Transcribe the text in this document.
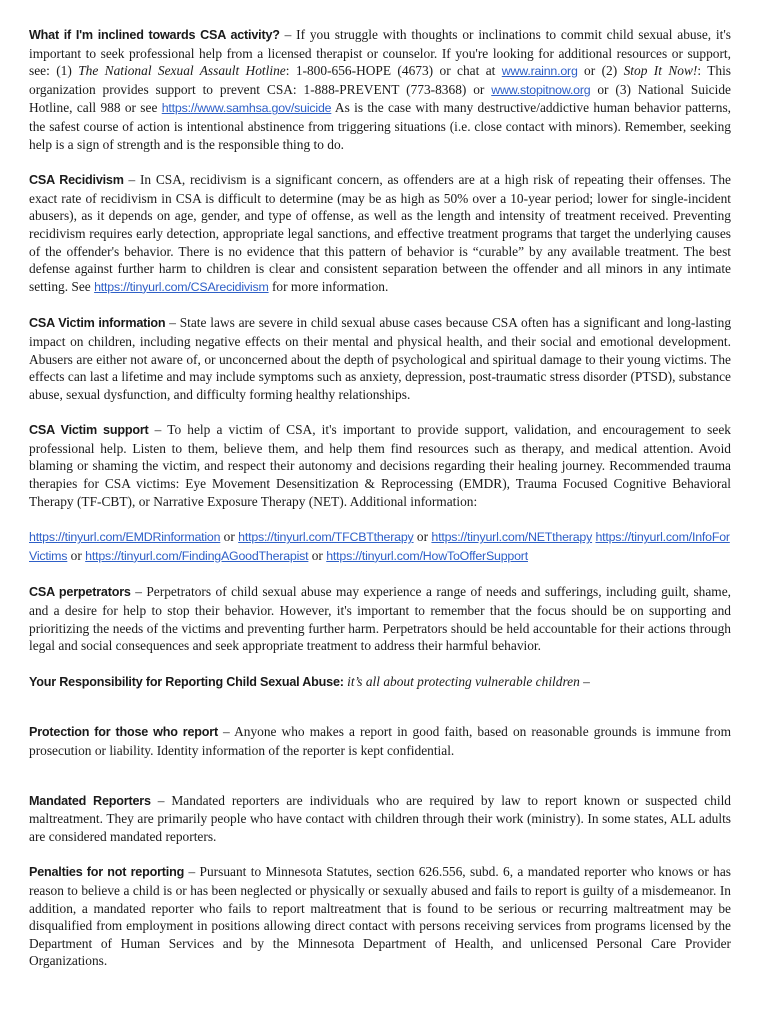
What if I'm inclined towards CSA activity? – If you struggle with thoughts or inclinations to commit child sexual abuse, it's important to seek professional help from a licensed therapist or counselor. If you're looking for additional resources or support, see: (1) The National Sexual Assault Hotline: 1-800-656-HOPE (4673) or chat at www.rainn.org or (2) Stop It Now!: This organization provides support to prevent CSA: 1-888-PREVENT (773-8368) or www.stopitnow.org or (3) National Suicide Hotline, call 988 or see https://www.samhsa.gov/suicide As is the case with many destructive/addictive human behavior patterns, the safest course of action is intentional abstinence from triggering situations (i.e. close contact with minors). Remember, seeking help is a sign of strength and is the responsible thing to do.

CSA Recidivism – In CSA, recidivism is a significant concern, as offenders are at a high risk of repeating their offenses. The exact rate of recidivism in CSA is difficult to determine (may be as high as 50% over a 10-year period; lower for single-incident abusers), as it depends on age, gender, and type of offense, as well as the length and intensity of treatment received. Preventing recidivism requires early detection, appropriate legal sanctions, and effective treatment programs that target the underlying causes of the offender's behavior. There is no evidence that this pattern of behavior is “curable” by any available treatment. The best defense against further harm to children is clear and consistent separation between the offender and all minors in any intimate setting. See https://tinyurl.com/CSArecidivism for more information.

CSA Victim information – State laws are severe in child sexual abuse cases because CSA often has a significant and long-lasting impact on children, including negative effects on their mental and physical health, and their social and emotional development. Abusers are either not aware of, or unconcerned about the depth of psychological and spiritual damage to their young victims. The effects can last a lifetime and may include symptoms such as anxiety, depression, post-traumatic stress disorder (PTSD), substance abuse, sexual dysfunction, and difficulty forming healthy relationships.

CSA Victim support – To help a victim of CSA, it's important to provide support, validation, and encouragement to seek professional help. Listen to them, believe them, and help them find resources such as therapy, and medical attention. Avoid blaming or shaming the victim, and respect their autonomy and decisions regarding their healing journey. Recommended trauma therapies for CSA victims: Eye Movement Desensitization & Reprocessing (EMDR), Trauma Focused Cognitive Behavioral Therapy (TF-CBT), or Narrative Exposure Therapy (NET). Additional information:

https://tinyurl.com/EMDRinformation or https://tinyurl.com/TFCBTtherapy or https://tinyurl.com/NETtherapy https://tinyurl.com/InfoForVictims or https://tinyurl.com/FindingAGoodTherapist or https://tinyurl.com/HowToOfferSupport

CSA perpetrators – Perpetrators of child sexual abuse may experience a range of needs and sufferings, including guilt, shame, and a desire for help to stop their behavior. However, it's important to remember that the focus should be on supporting and prioritizing the needs of the victims and preventing further harm. Perpetrators should be held accountable for their actions through legal and social consequences and seek appropriate treatment to address their harmful behavior.

Your Responsibility for Reporting Child Sexual Abuse: it’s all about protecting vulnerable children –

Protection for those who report – Anyone who makes a report in good faith, based on reasonable grounds is immune from prosecution or liability. Identity information of the reporter is kept confidential.

Mandated Reporters – Mandated reporters are individuals who are required by law to report known or suspected child maltreatment. They are primarily people who have contact with children through their work (ministry). In some states, ALL adults are considered mandated reporters.

Penalties for not reporting – Pursuant to Minnesota Statutes, section 626.556, subd. 6, a mandated reporter who knows or has reason to believe a child is or has been neglected or physically or sexually abused and fails to report is guilty of a misdemeanor. In addition, a mandated reporter who fails to report maltreatment that is found to be serious or recurring maltreatment may be disqualified from employment in positions allowing direct contact with persons receiving services from programs licensed by the Department of Human Services and by the Minnesota Department of Health, and unlicensed Personal Care Provider Organizations.
